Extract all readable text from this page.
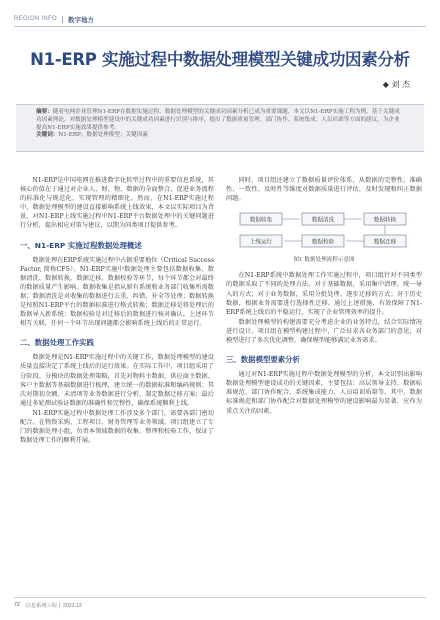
REGION INFO 数字地方
N1-ERP 实施过程中数据处理模型关键成功因素分析
◆ 刘 杰
摘要：随着电网企业管理N1-ERP在数据实施过程、数据处理模型的关键成功因素分析已成为重要课题，本文以N1-ERP实施工程为例，基于关键成功因素理论，对数据处理模型建设中的关键成功因素进行识别与排序，提出了数据质量管理、部门协作、系统集成、人员培训等方面的建议，为企业提高N1-ERP实施效果提供参考。
关键词：N1-ERP；数据处理模型；关键因素

N1-ERP是中国电网在推进数字化转型过程中的重要信息系统，其核心价值在于通过对企业人、财、物、数据的全面整合，促进业务流程的标准化与规范化，实现管理的精细化。然而，在N1-ERP实施过程中，数据处理模型的建设直接影响系统上线效果，本文以实际项目为背景，对N1-ERP上线实施过程中N1-ERP平台数据处理中的关键问题进行分析，提出相应对策与建议，以期为同类项目提供参考。

一、N1-ERP 实施过程数据处理概述

数据处理在ERP系统实施过程中占据重要地位（Critical Success Factor, 简称CFS）。N1-ERP实施中数据处理主要包括数据收集、数据清洗、数据转换、数据迁移、数据校验等环节，每个环节都会对最终的数据质量产生影响。数据收集是指从原有系统和业务部门收集所需数据；数据清洗是对收集的数据进行去重、纠错、补全等处理；数据转换是按照N1-ERP平台的数据标准进行格式转换；数据迁移是将处理后的数据导入新系统；数据校验是对迁移后的数据进行核对确认。上述环节相互关联，任何一个环节出现问题都会影响系统上线后的正常运行。

二、数据处理工作实践

数据处理是N1-ERP实施过程中的关键工作，数据处理模型的建设质量直接决定了系统上线后的运行效果。在实际工作中，项目组采用了分阶段、分模块的数据处理策略，首先对物料主数据、供应商主数据、客户主数据等基础数据进行梳理，建立统一的数据标准和编码规则；其次对期初余额、未清项等业务数据进行分析，制定数据迁移方案；最后通过多轮测试验证数据的准确性和完整性，确保系统顺利上线。

N1-ERP实施过程中数据处理工作涉及多个部门，需要各部门密切配合。在物资采购、工程项目、财务管理等业务领域，项目组建立了专门的数据处理小组，负责本领域数据的收集、整理和校验工作，保证了数据处理工作的顺利开展。

同时，项目组还建立了数据质量评价体系，从数据的完整性、准确性、一致性、及时性等维度对数据质量进行评估，及时发现和纠正数据问题。

数据收集	数据清洗	数据转换
数据迁移
数据校验
上线运行
图1 数据处理流程示意图

在N1-ERP系统中数据处理工作实施过程中，项目组针对不同类型的数据采取了不同的处理方法。对于基础数据，采用集中清理、统一导入的方式；对于业务数据，采用分批处理、逐步迁移的方式；对于历史数据，根据业务需要进行选择性迁移。通过上述措施，有效保障了N1-ERP系统上线后的平稳运行，实现了企业管理效率的提升。

数据处理模型的构建需要充分考虑企业的业务特点，结合实际情况进行设计。项目组在模型构建过程中，广泛征求各业务部门的意见，对模型进行了多次优化调整，确保模型能够满足业务需求。

三、数据模型要素分析

通过对N1-ERP实施过程中数据处理模型的分析，本文识别出影响数据处理模型建设成功的关键因素，主要包括：高层领导支持、数据标准规范、部门协作配合、系统集成能力、人员培训质量等。其中，数据标准规范和部门协作配合对数据处理模型的建设影响最为显著，应作为重点关注的因素。

72 信息系统工程 │ 2021.12
